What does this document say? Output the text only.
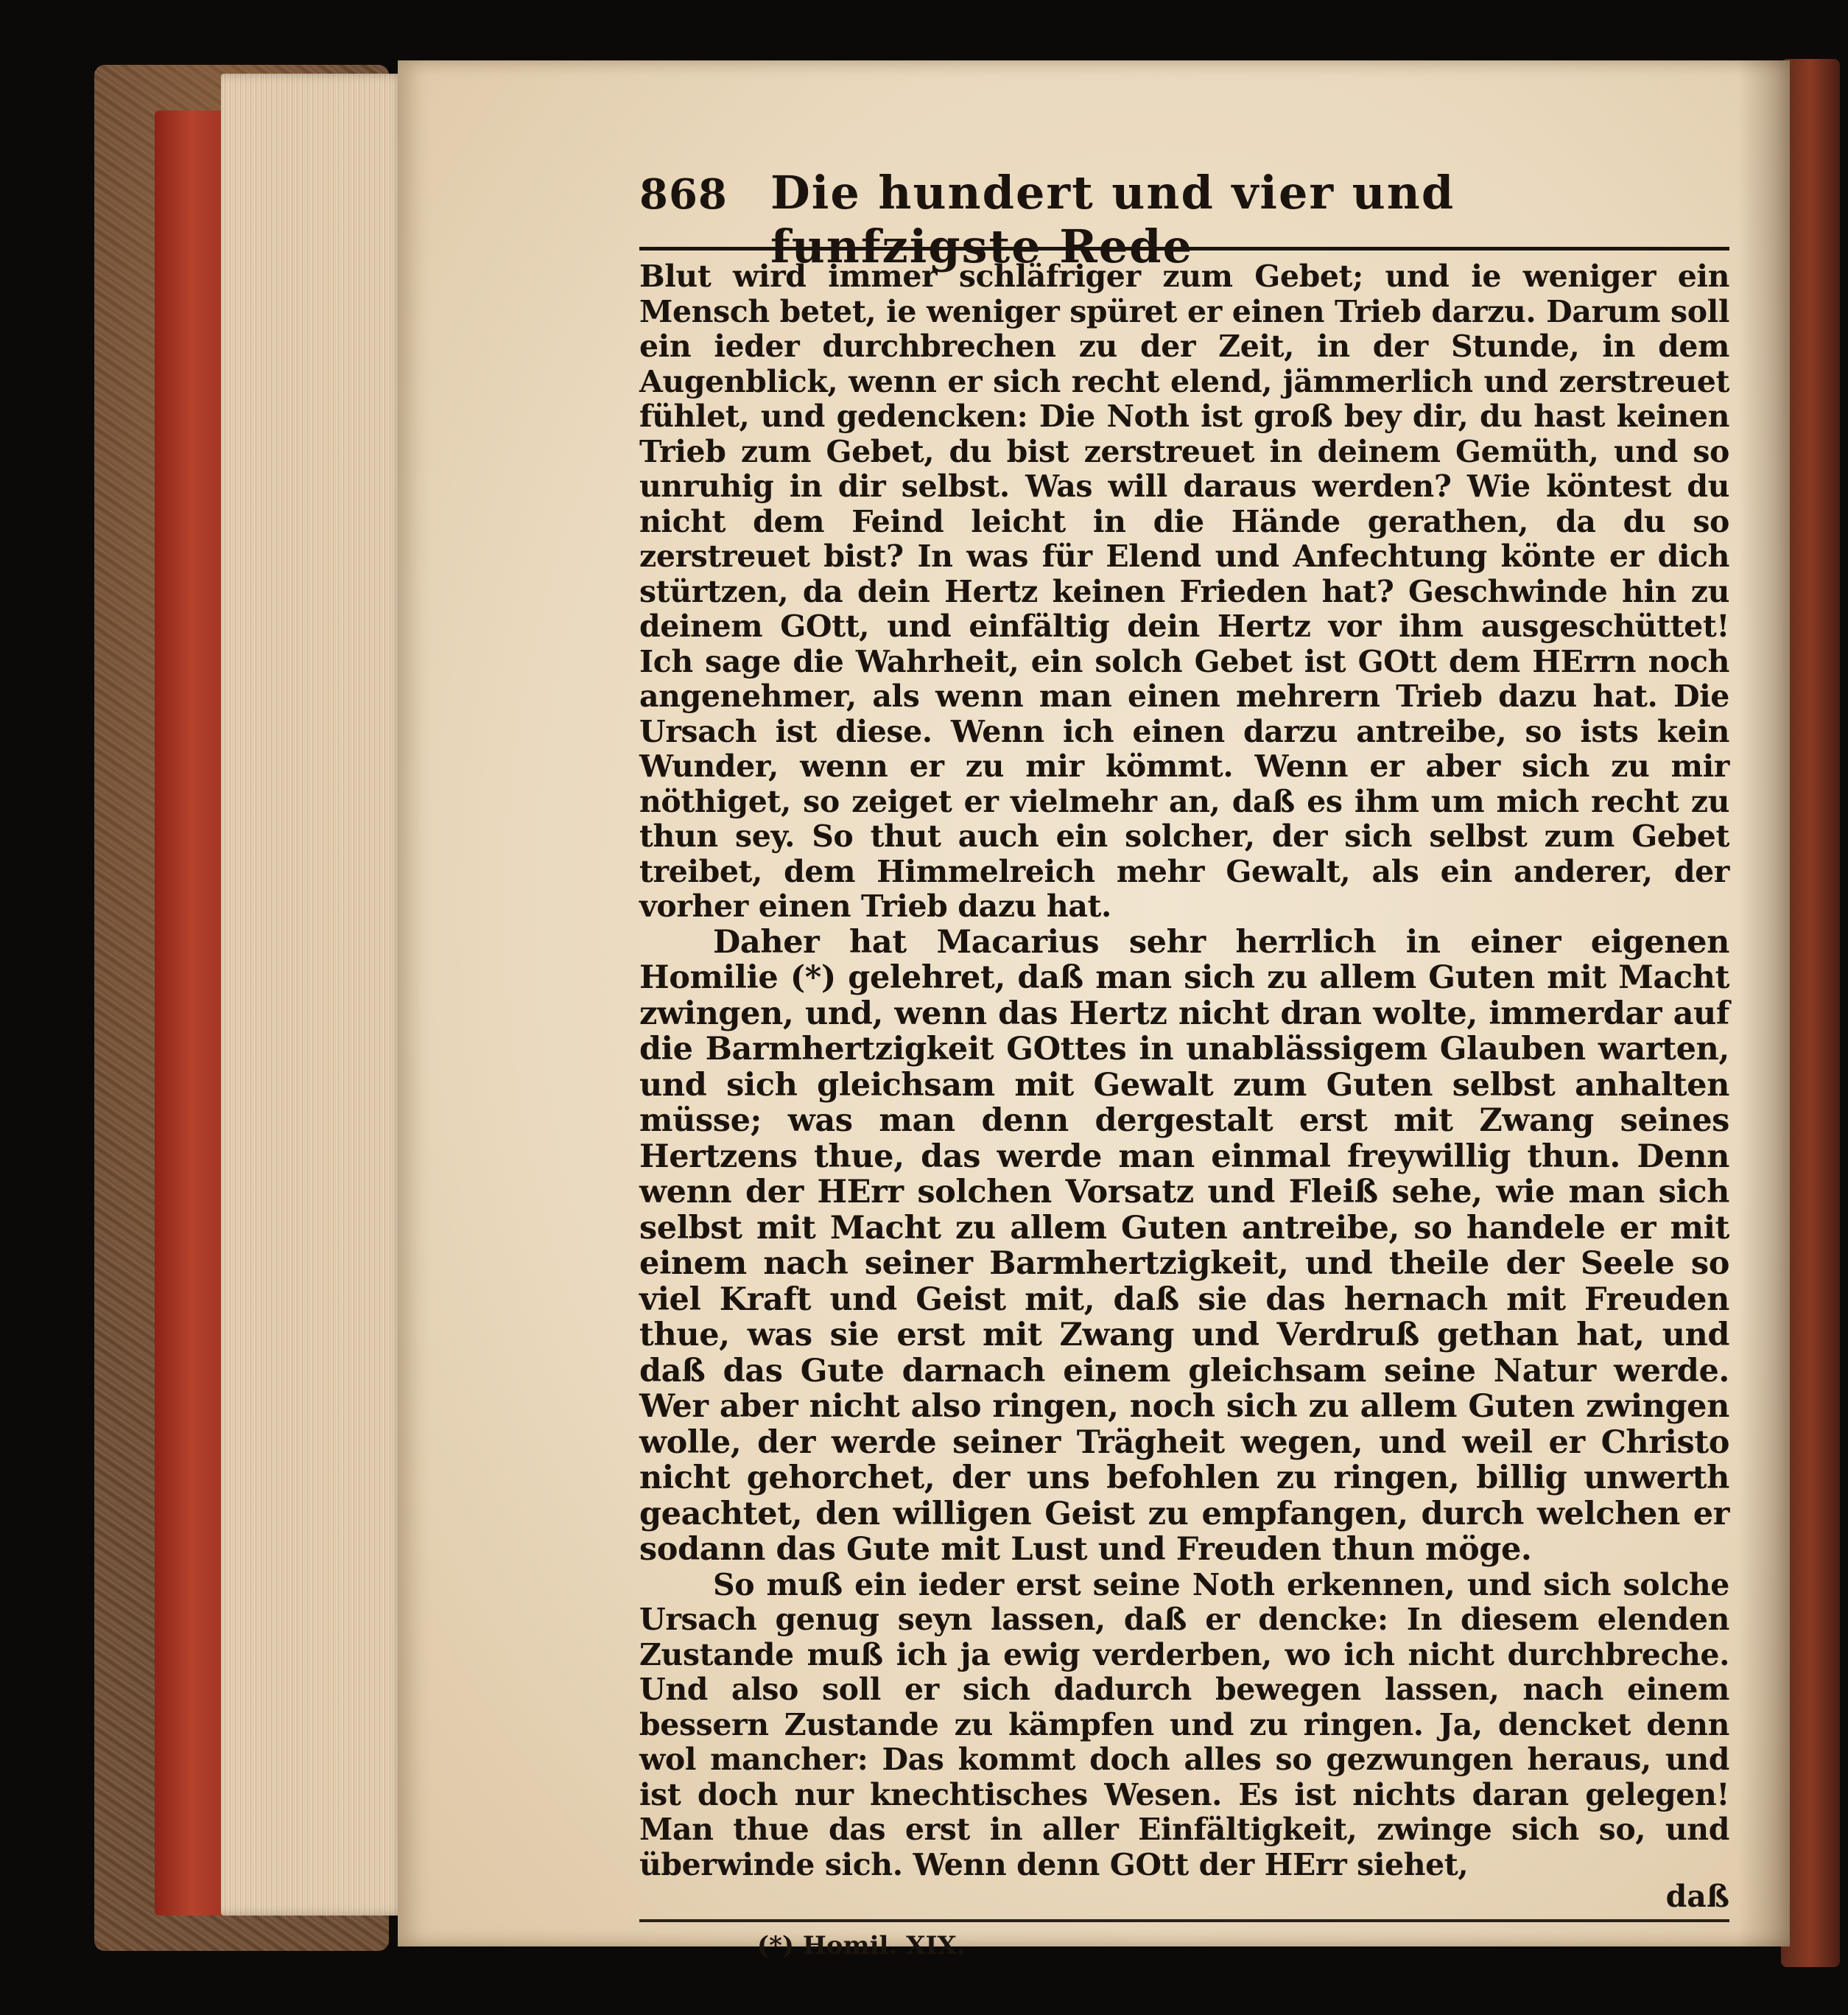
868 Die hundert und vier und funfzigste Rede

Blut wird immer schläfriger zum Gebet; und ie weniger ein Mensch betet, ie weniger spüret er einen Trieb darzu. Darum soll ein ieder durchbrechen zu der Zeit, in der Stunde, in dem Augenblick, wenn er sich recht elend, jämmerlich und zerstreuet fühlet, und gedencken: Die Noth ist groß bey dir, du hast keinen Trieb zum Gebet, du bist zerstreuet in deinem Gemüth, und so unruhig in dir selbst. Was will daraus werden? Wie köntest du nicht dem Feind leicht in die Hände gerathen, da du so zerstreuet bist? In was für Elend und Anfechtung könte er dich stürtzen, da dein Hertz keinen Frieden hat? Geschwinde hin zu deinem GOtt, und einfältig dein Hertz vor ihm ausgeschüttet! Ich sage die Wahrheit, ein solch Gebet ist GOtt dem HErrn noch angenehmer, als wenn man einen mehrern Trieb dazu hat. Die Ursach ist diese. Wenn ich einen darzu antreibe, so ists kein Wunder, wenn er zu mir kömmt. Wenn er aber sich zu mir nöthiget, so zeiget er vielmehr an, daß es ihm um mich recht zu thun sey. So thut auch ein solcher, der sich selbst zum Gebet treibet, dem Himmelreich mehr Gewalt, als ein anderer, der vorher einen Trieb dazu hat.

Daher hat Macarius sehr herrlich in einer eigenen Homilie (*) gelehret, daß man sich zu allem Guten mit Macht zwingen, und, wenn das Hertz nicht dran wolte, immerdar auf die Barmhertzigkeit GOttes in unablässigem Glauben warten, und sich gleichsam mit Gewalt zum Guten selbst anhalten müsse; was man denn dergestalt erst mit Zwang seines Hertzens thue, das werde man einmal freywillig thun. Denn wenn der HErr solchen Vorsatz und Fleiß sehe, wie man sich selbst mit Macht zu allem Guten antreibe, so handele er mit einem nach seiner Barmhertzigkeit, und theile der Seele so viel Kraft und Geist mit, daß sie das hernach mit Freuden thue, was sie erst mit Zwang und Verdruß gethan hat, und daß das Gute darnach einem gleichsam seine Natur werde. Wer aber nicht also ringen, noch sich zu allem Guten zwingen wolle, der werde seiner Trägheit wegen, und weil er Christo nicht gehorchet, der uns befohlen zu ringen, billig unwerth geachtet, den willigen Geist zu empfangen, durch welchen er sodann das Gute mit Lust und Freuden thun möge.

So muß ein ieder erst seine Noth erkennen, und sich solche Ursach genug seyn lassen, daß er dencke: In diesem elenden Zustande muß ich ja ewig verderben, wo ich nicht durchbreche. Und also soll er sich dadurch bewegen lassen, nach einem bessern Zustande zu kämpfen und zu ringen. Ja, dencket denn wol mancher: Das kommt doch alles so gezwungen heraus, und ist doch nur knechtisches Wesen. Es ist nichts daran gelegen! Man thue das erst in aller Einfältigkeit, zwinge sich so, und überwinde sich. Wenn denn GOtt der HErr siehet,

daß
(*) Homil. XIX.
